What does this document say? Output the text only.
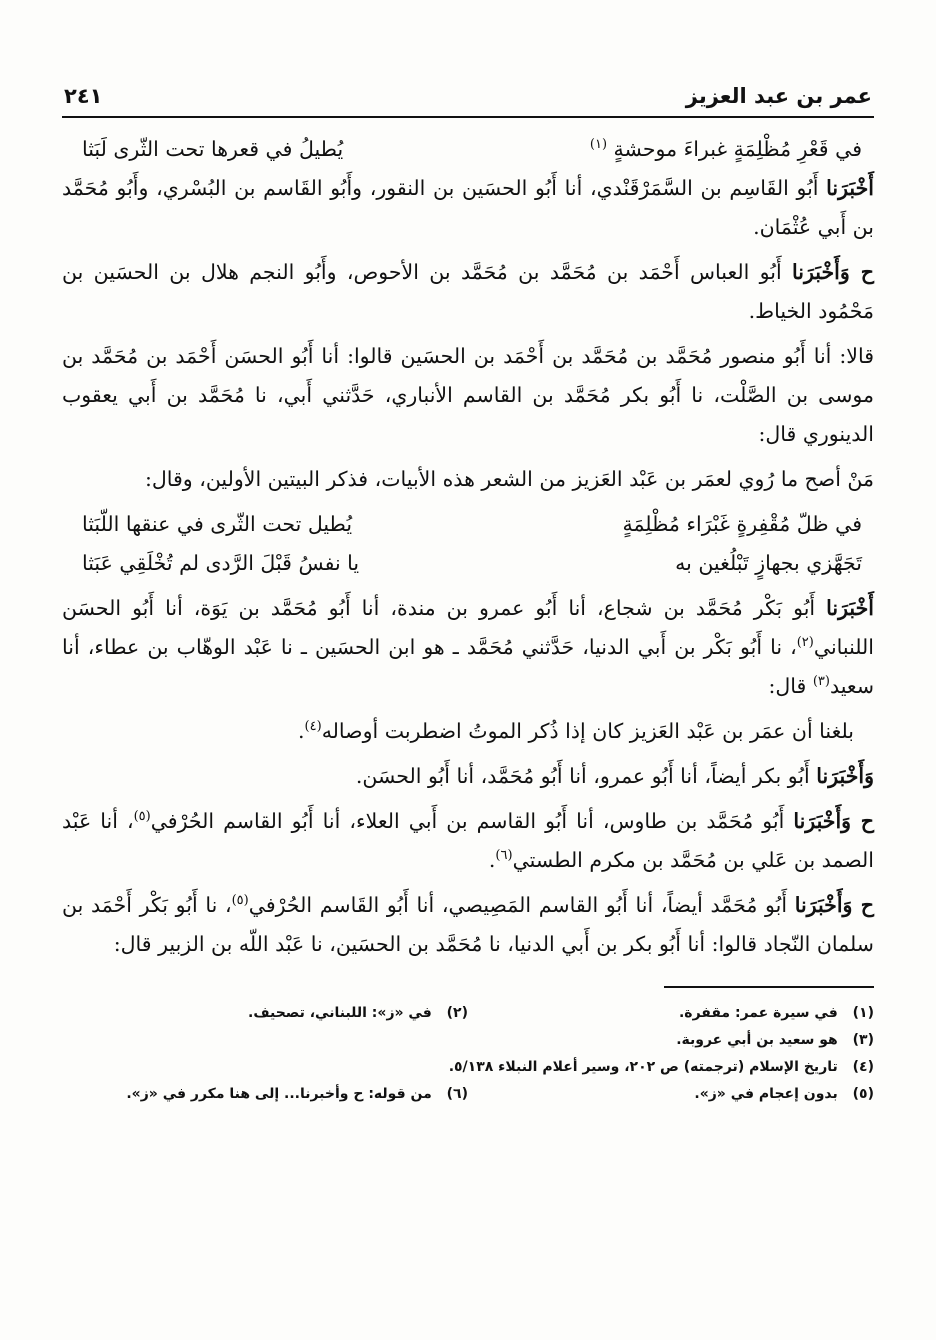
عمر بن عبد العزيز
٢٤١
في قَعْرِ مُظْلِمَةٍ غبراءَ موحشةٍ $^{(١)}$
يُطيلُ في قعرها تحت الثّرى لَبَثا

أَخْبَرَنا أَبُو القَاسِم بن السَّمَرْقَنْدي، أنا أَبُو الحسَين بن النقور، وأَبُو القَاسم بن البُسْري، وأَبُو مُحَمَّد بن أَبي عُثْمَان.

ح وَأَخْبَرَنا أَبُو العباس أَحْمَد بن مُحَمَّد بن مُحَمَّد بن الأحوص، وأَبُو النجم هلال بن الحسَين بن مَحْمُود الخياط.

قالا: أنا أَبُو منصور مُحَمَّد بن مُحَمَّد بن أَحْمَد بن الحسَين قالوا: أنا أَبُو الحسَن أَحْمَد بن مُحَمَّد بن موسى بن الصَّلْت، نا أَبُو بكر مُحَمَّد بن القاسم الأنباري، حَدَّثني أَبي، نا مُحَمَّد بن أَبي يعقوب الدينوري قال:

مَنْ أصح ما رُوي لعمَر بن عَبْد العَزيز من الشعر هذه الأبيات، فذكر البيتين الأولين، وقال:

في ظلّ مُقْفِرةٍ غَبْرَاء مُظْلِمَةٍ
يُطيل تحت الثّرى في عنقها اللّبَثا
تَجَهَّزي بجهازٍ تَبْلُغين به
يا نفسُ قَبْلَ الرَّدى لم تُخْلَقِي عَبَثا

أَخْبَرَنا أَبُو بَكْر مُحَمَّد بن شجاع، أنا أَبُو عمرو بن مندة، أنا أَبُو مُحَمَّد بن يَوَة، أنا أَبُو الحسَن اللنباني$^{(٢)}$، نا أَبُو بَكْر بن أَبي الدنيا، حَدَّثني مُحَمَّد ـ هو ابن الحسَين ـ نا عَبْد الوهّاب بن عطاء، أنا سعيد$^{(٣)}$ قال:

بلغنا أن عمَر بن عَبْد العَزيز كان إذا ذُكر الموتُ اضطربت أوصاله$^{(٤)}$.

وَأَخْبَرَنا أَبُو بكر أيضاً، أنا أَبُو عمرو، أنا أَبُو مُحَمَّد، أنا أَبُو الحسَن.

ح وَأَخْبَرَنا أَبُو مُحَمَّد بن طاوس، أنا أَبُو القاسم بن أَبي العلاء، أنا أَبُو القاسم الحُرْفي$^{(٥)}$، أنا عَبْد الصمد بن عَلي بن مُحَمَّد بن مكرم الطستي$^{(٦)}$.

ح وَأَخْبَرَنا أَبُو مُحَمَّد أيضاً، أنا أَبُو القاسم المَصِيصي، أنا أَبُو القَاسم الحُرْفي$^{(٥)}$، نا أَبُو بَكْر أَحْمَد بن سلمان النّجاد قالوا: أنا أَبُو بكر بن أَبي الدنيا، نا مُحَمَّد بن الحسَين، نا عَبْد اللّه بن الزبير قال:

(١) في سيرة عمر: مقفرة.
(٢) في «ز»: اللبناني، تصحيف.
(٣) هو سعيد بن أبي عروبة.
(٤) تاريخ الإسلام (ترجمته) ص ٢٠٢، وسير أعلام النبلاء ٥/١٣٨.
(٥) بدون إعجام في «ز».
(٦) من قوله: ح وأخبرنا... إلى هنا مكرر في «ز».
